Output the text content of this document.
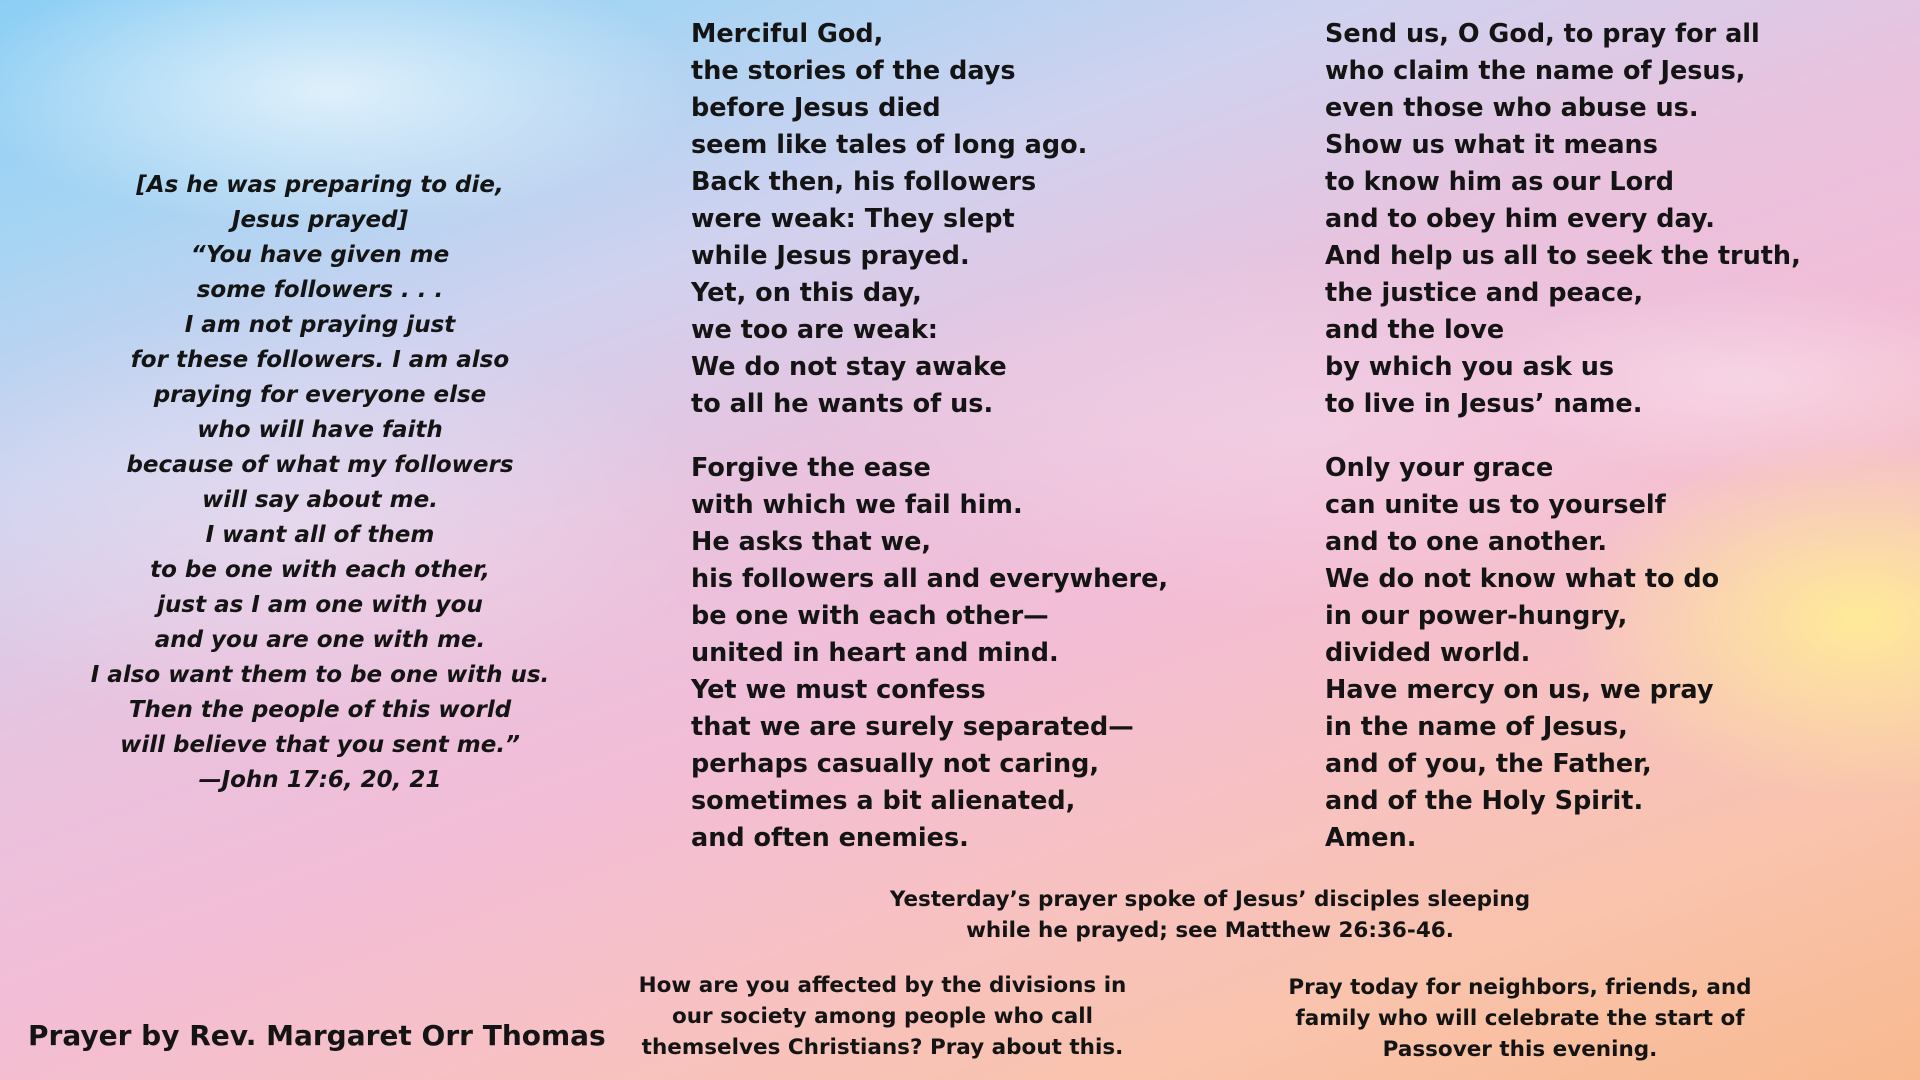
[As he was preparing to die,
Jesus prayed]
“You have given me
some followers . . .
I am not praying just
for these followers. I am also
praying for everyone else
who will have faith
because of what my followers
will say about me.
I want all of them
to be one with each other,
just as I am one with you
and you are one with me.
I also want them to be one with us.
Then the people of this world
will believe that you sent me.”
—John 17:6, 20, 21
Merciful God,
the stories of the days
before Jesus died
seem like tales of long ago.
Back then, his followers
were weak: They slept
while Jesus prayed.
Yet, on this day,
we too are weak:
We do not stay awake
to all he wants of us.
Forgive the ease
with which we fail him.
He asks that we,
his followers all and everywhere,
be one with each other—
united in heart and mind.
Yet we must confess
that we are surely separated—
perhaps casually not caring,
sometimes a bit alienated,
and often enemies.
Send us, O God, to pray for all
who claim the name of Jesus,
even those who abuse us.
Show us what it means
to know him as our Lord
and to obey him every day.
And help us all to seek the truth,
the justice and peace,
and the love
by which you ask us
to live in Jesus’ name.
Only your grace
can unite us to yourself
and to one another.
We do not know what to do
in our power-hungry,
divided world.
Have mercy on us, we pray
in the name of Jesus,
and of you, the Father,
and of the Holy Spirit.
Amen.
Yesterday’s prayer spoke of Jesus’ disciples sleeping
while he prayed; see Matthew 26:36-46.
How are you affected by the divisions in
our society among people who call
themselves Christians? Pray about this.
Pray today for neighbors, friends, and
family who will celebrate the start of
Passover this evening.
Prayer by Rev. Margaret Orr Thomas
